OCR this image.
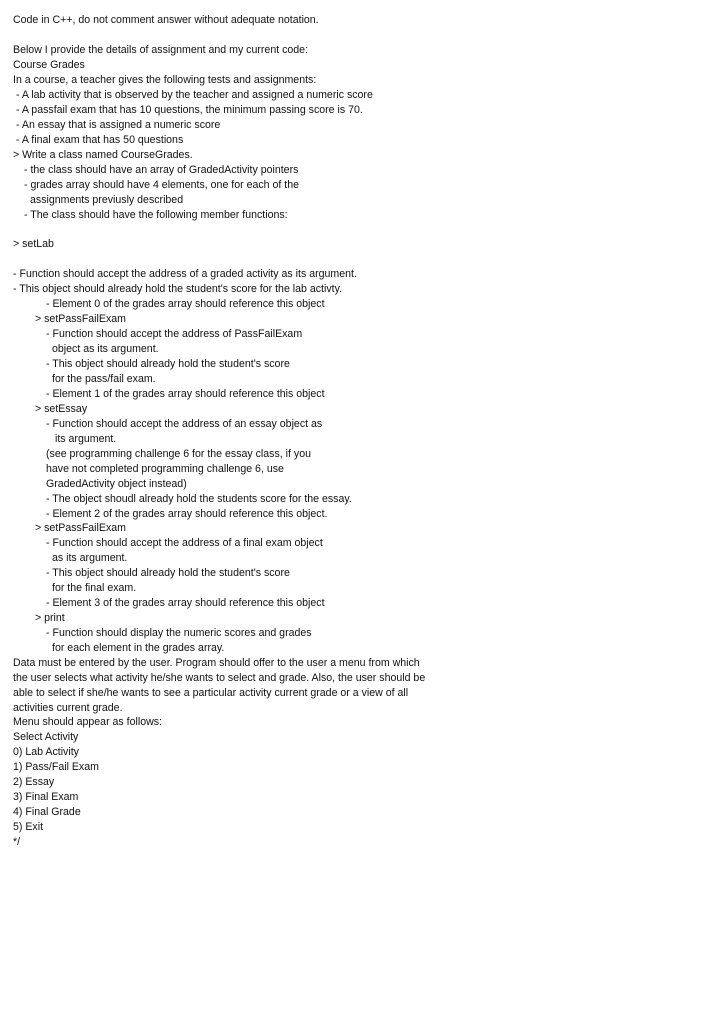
Code in C++, do not comment answer without adequate notation.
Below I provide the details of assignment and my current code:
Course Grades
In a course, a teacher gives the following tests and assignments:
- A lab activity that is observed by the teacher and assigned a numeric score
- A passfail exam that has 10 questions, the minimum passing score is 70.
- An essay that is assigned a numeric score
- A final exam that has 50 questions
> Write a class named CourseGrades.
- the class should have an array of GradedActivity pointers
- grades array should have 4 elements, one for each of the
assignments previusly described
- The class should have the following member functions:
> setLab
- Function should accept the address of a graded activity as its argument.
- This object should already hold the student's score for the lab activty.
- Element 0 of the grades array should reference this object
> setPassFailExam
- Function should accept the address of PassFailExam
object as its argument.
- This object should already hold the student's score
for the pass/fail exam.
- Element 1 of the grades array should reference this object
> setEssay
- Function should accept the address of an essay object as
its argument.
(see programming challenge 6 for the essay class, if you
have not completed programming challenge 6, use
GradedActivity object instead)
- The object shoudl already hold the students score for the essay.
- Element 2 of the grades array should reference this object.
> setPassFailExam
- Function should accept the address of a final exam object
as its argument.
- This object should already hold the student's score
for the final exam.
- Element 3 of the grades array should reference this object
> print
- Function should display the numeric scores and grades
for each element in the grades array.
Data must be entered by the user. Program should offer to the user a menu from which
the user selects what activity he/she wants to select and grade. Also, the user should be
able to select if she/he wants to see a particular activity current grade or a view of all
activities current grade.
Menu should appear as follows:
Select Activity
0) Lab Activity
1) Pass/Fail Exam
2) Essay
3) Final Exam
4) Final Grade
5) Exit
*/
